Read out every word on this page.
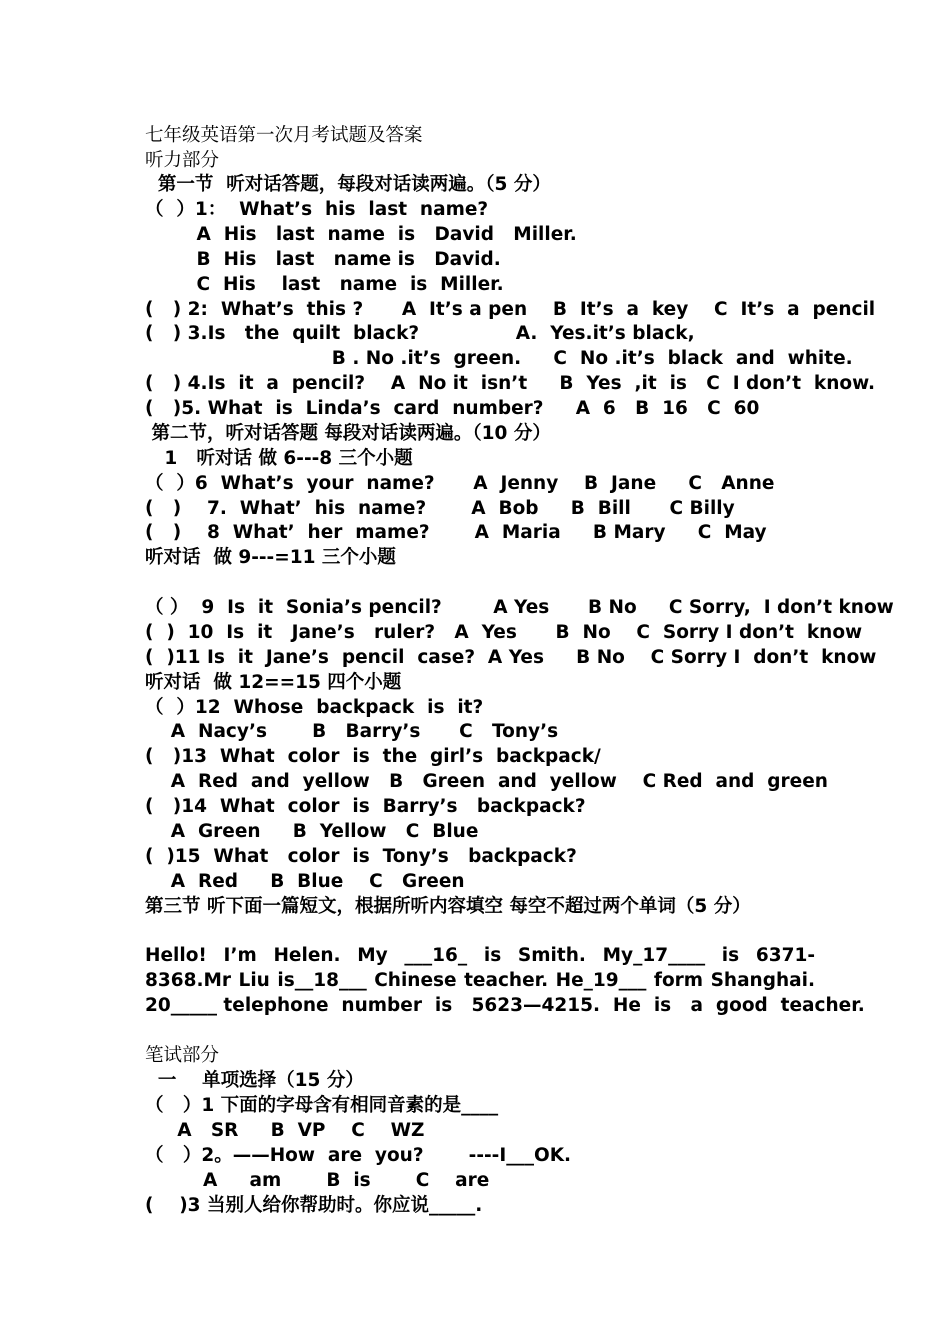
七年级英语第一次月考试题及答案
听力部分
第一节  听对话答题，每段对话读两遍。（5 分）
（  ）1：  What’s  his  last  name?
A  His   last  name  is   David   Miller.
B  His   last   name is   David.
C  His    last   name  is  Miller.
(   ) 2:  What’s  this ?      A  It’s a pen    B  It’s  a  key    C  It’s  a  pencil
(   ) 3.Is   the  quilt  black?               A.  Yes.it’s black,
B . No .it’s  green.     C  No .it’s  black  and  white.
(   ) 4.Is  it  a  pencil?    A  No it  isn’t     B  Yes  ,it  is   C  I don’t  know.
(   )5. What  is  Linda’s  card  number?     A  6   B  16   C  60
第二节，听对话答题 每段对话读两遍。（10 分）
1   听对话 做 6---8 三个小题
（  ）6  What’s  your  name?      A  Jenny    B  Jane     C   Anne
(   )    7.  What’  his  name?       A  Bob     B  Bill      C Billy
(   )    8  What’  her  mame?       A  Maria     B Mary     C  May
听对话  做 9---=11 三个小题
（ ）  9  Is  it  Sonia’s pencil?        A Yes      B No     C Sorry,  I don’t know
(  )  10  Is  it   Jane’s   ruler?   A  Yes      B  No    C  Sorry I don’t  know
(  )11 Is  it  Jane’s  pencil  case?  A Yes     B No    C Sorry I  don’t  know
听对话  做 12==15 四个小题
（  ）12  Whose  backpack  is  it?
A  Nacy’s       B   Barry’s      C   Tony’s
(   )13  What  color  is  the  girl’s  backpack/
A  Red  and  yellow   B   Green  and  yellow    C Red  and  green
(   )14  What  color  is  Barry’s   backpack?
A  Green     B  Yellow   C  Blue
(  )15  What   color  is  Tony’s   backpack?
A  Red     B  Blue    C   Green
第三节 听下面一篇短文，根据所听内容填空 每空不超过两个单词（5 分）
Hello! I’m Helen. My ___16_ is Smith. My_17____ is 6371-
8368.Mr Liu is__18___ Chinese teacher. He_19___ form Shanghai.
20_____ telephone  number  is   5623—4215.  He  is   a  good  teacher.
笔试部分
一    单项选择（15 分）
（   ）1 下面的字母含有相同音素的是____
A   SR     B  VP    C    WZ
（   ）2。——How  are  you?       ----I___OK.
A     am       B  is       C    are
(    )3 当别人给你帮助时。你应说_____.
